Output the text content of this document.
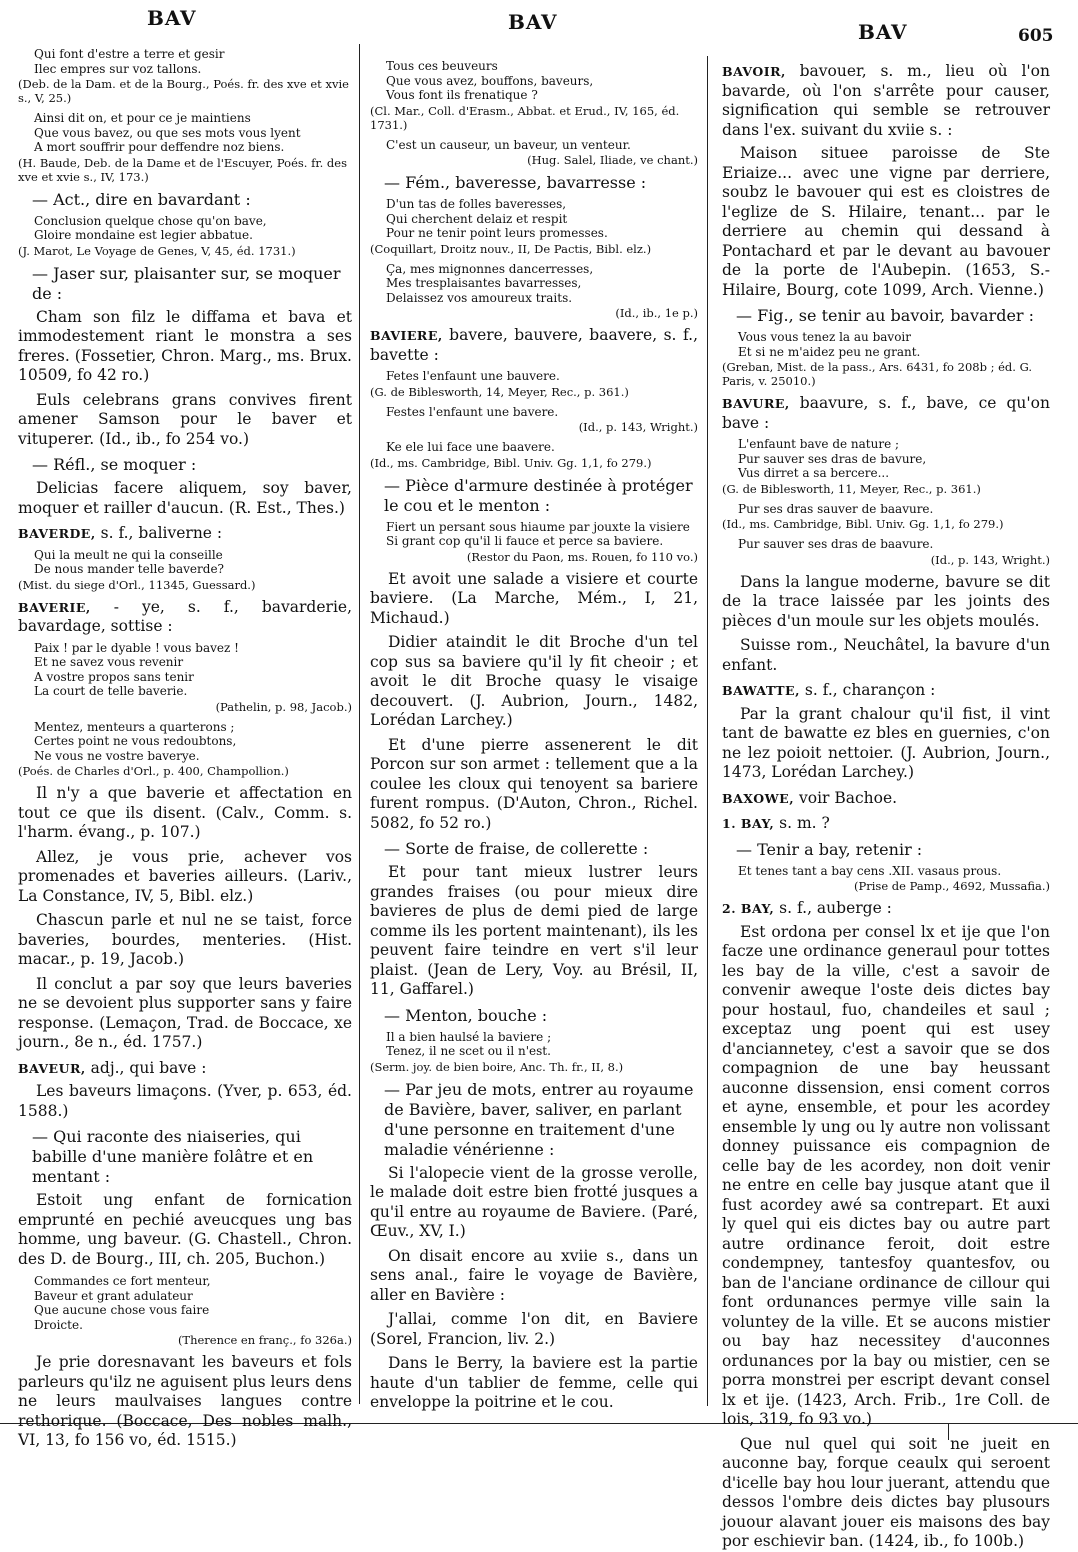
BAV	BAV	BAV	605
Qui font d'estre a terre et gesir
Ilec empres sur voz tallons.
(Deb. de la Dam. et de la Bourg., Poés. fr. des xve et xvie s., V, 25.)
Ainsi dit on, et pour ce je maintiens
Que vous bavez, ou que ses mots vous lyent
A mort souffrir pour deffendre noz biens.
(H. Baude, Deb. de la Dame et de l'Escuyer, Poés. fr. des xve et xvie s., IV, 173.)
— Act., dire en bavardant :
Conclusion quelque chose qu'on bave,
Gloire mondaine est legier abbatue.
(J. Marot, Le Voyage de Genes, V, 45, éd. 1731.)
— Jaser sur, plaisanter sur, se moquer de :
Cham son filz le diffama et bava et immodestement riant le monstra a ses freres. (Fossetier, Chron. Marg., ms. Brux. 10509, fo 42 ro.)
Euls celebrans grans convives firent amener Samson pour le baver et vituperer. (Id., ib., fo 254 vo.)
— Réfl., se moquer :
Delicias facere aliquem, soy baver, moquer et railler d'aucun. (R. Est., Thes.)
BAVERDE, s. f., baliverne :
Qui la meult ne qui la conseille
De nous mander telle baverde?
(Mist. du siege d'Orl., 11345, Guessard.)
BAVERIE, - ye, s. f., bavarderie, bavardage, sottise :
Paix ! par le dyable ! vous bavez !
Et ne savez vous revenir
A vostre propos sans tenir
La court de telle baverie.
(Pathelin, p. 98, Jacob.)
Mentez, menteurs a quarterons ;
Certes point ne vous redoubtons,
Ne vous ne vostre baverye.
(Poés. de Charles d'Orl., p. 400, Champollion.)
Il n'y a que baverie et affectation en tout ce que ils disent. (Calv., Comm. s. l'harm. évang., p. 107.)
Allez, je vous prie, achever vos promenades et baveries ailleurs. (Lariv., La Constance, IV, 5, Bibl. elz.)
Chascun parle et nul ne se taist, force baveries, bourdes, menteries. (Hist. macar., p. 19, Jacob.)
Il conclut a par soy que leurs baveries ne se devoient plus supporter sans y faire response. (Lemaçon, Trad. de Boccace, xe journ., 8e n., éd. 1757.)
BAVEUR, adj., qui bave :
Les baveurs limaçons. (Yver, p. 653, éd. 1588.)
— Qui raconte des niaiseries, qui babille d'une manière folâtre et en mentant :
Estoit ung enfant de fornication emprunté en pechié aveucques ung bas homme, ung baveur. (G. Chastell., Chron. des D. de Bourg., III, ch. 205, Buchon.)
Commandes ce fort menteur,
Baveur et grant adulateur
Que aucune chose vous faire
Droicte.
(Therence en franç., fo 326a.)
Je prie doresnavant les baveurs et fols parleurs qu'ilz ne aguisent plus leurs dens ne leurs maulvaises langues contre rethorique. (Boccace, Des nobles malh., VI, 13, fo 156 vo, éd. 1515.)
Tous ces beuveurs
Que vous avez, bouffons, baveurs,
Vous font ils frenatique ?
(Cl. Mar., Coll. d'Erasm., Abbat. et Erud., IV, 165, éd. 1731.)
C'est un causeur, un baveur, un venteur.
(Hug. Salel, Iliade, ve chant.)
— Fém., baveresse, bavarresse :
D'un tas de folles baveresses,
Qui cherchent delaiz et respit
Pour ne tenir point leurs promesses.
(Coquillart, Droitz nouv., II, De Pactis, Bibl. elz.)
Ça, mes mignonnes dancerresses,
Mes tresplaisantes bavarresses,
Delaissez vos amoureux traits.
(Id., ib., 1e p.)
BAVIERE, bavere, bauvere, baavere, s. f., bavette :
Fetes l'enfaunt une bauvere.
(G. de Biblesworth, 14, Meyer, Rec., p. 361.)
Festes l'enfaunt une bavere.
(Id., p. 143, Wright.)
Ke ele lui face une baavere.
(Id., ms. Cambridge, Bibl. Univ. Gg. 1,1, fo 279.)
— Pièce d'armure destinée à protéger le cou et le menton :
Fiert un persant sous hiaume par jouxte la visiere
Si grant cop qu'il li fauce et perce sa baviere.
(Restor du Paon, ms. Rouen, fo 110 vo.)
Et avoit une salade a visiere et courte baviere. (La Marche, Mém., I, 21, Michaud.)
Didier ataindit le dit Broche d'un tel cop sus sa baviere qu'il ly fit cheoir ; et avoit le dit Broche quasy le visaige decouvert. (J. Aubrion, Journ., 1482, Lorédan Larchey.)
Et d'une pierre assenerent le dit Porcon sur son armet : tellement que a la coulee les cloux qui tenoyent sa bariere furent rompus. (D'Auton, Chron., Richel. 5082, fo 52 ro.)
— Sorte de fraise, de collerette :
Et pour tant mieux lustrer leurs grandes fraises (ou pour mieux dire bavieres de plus de demi pied de large comme ils les portent maintenant), ils les peuvent faire teindre en vert s'il leur plaist. (Jean de Lery, Voy. au Brésil, II, 11, Gaffarel.)
— Menton, bouche :
Il a bien haulsé la baviere ;
Tenez, il ne scet ou il n'est.
(Serm. joy. de bien boire, Anc. Th. fr., II, 8.)
— Par jeu de mots, entrer au royaume de Bavière, baver, saliver, en parlant d'une personne en traitement d'une maladie vénérienne :
Si l'alopecie vient de la grosse verolle, le malade doit estre bien frotté jusques a qu'il entre au royaume de Baviere. (Paré, Œuv., XV, I.)
On disait encore au xviie s., dans un sens anal., faire le voyage de Bavière, aller en Bavière :
J'allai, comme l'on dit, en Baviere (Sorel, Francion, liv. 2.)
Dans le Berry, la baviere est la partie haute d'un tablier de femme, celle qui enveloppe la poitrine et le cou.
BAVOIR, bavouer, s. m., lieu où l'on bavarde, où l'on s'arrête pour causer, signification qui semble se retrouver dans l'ex. suivant du xviie s. :
Maison situee paroisse de Ste Eriaize... avec une vigne par derriere, soubz le bavouer qui est es cloistres de l'eglize de S. Hilaire, tenant... par le derriere au chemin qui dessand à Pontachard et par le devant au bavouer de la porte de l'Aubepin. (1653, S.-Hilaire, Bourg, cote 1099, Arch. Vienne.)
— Fig., se tenir au bavoir, bavarder :
Vous vous tenez la au bavoir
Et si ne m'aidez peu ne grant.
(Greban, Mist. de la pass., Ars. 6431, fo 208b ; éd. G. Paris, v. 25010.)
BAVURE, baavure, s. f., bave, ce qu'on bave :
L'enfaunt bave de nature ;
Pur sauver ses dras de bavure,
Vus dirret a sa bercere...
(G. de Biblesworth, 11, Meyer, Rec., p. 361.)
Pur ses dras sauver de baavure.
(Id., ms. Cambridge, Bibl. Univ. Gg. 1,1, fo 279.)
Pur sauver ses dras de baavure.
(Id., p. 143, Wright.)
Dans la langue moderne, bavure se dit de la trace laissée par les joints des pièces d'un moule sur les objets moulés.
Suisse rom., Neuchâtel, la bavure d'un enfant.
BAWATTE, s. f., charançon :
Par la grant chalour qu'il fist, il vint tant de bawatte ez bles en guernies, c'on ne lez poioit nettoier. (J. Aubrion, Journ., 1473, Lorédan Larchey.)
BAXOWE, voir Bachoe.
1. BAY, s. m. ?
— Tenir a bay, retenir :
Et tenes tant a bay cens .XII. vasaus prous.
(Prise de Pamp., 4692, Mussafia.)
2. BAY, s. f., auberge :
Est ordona per consel lx et ije que l'on facze une ordinance generaul pour tottes les bay de la ville, c'est a savoir de convenir aweque l'oste deis dictes bay pour hostaul, fuo, chandeiles et saul ; exceptaz ung poent qui est usey d'anciannetey, c'est a savoir que se dos compagnion de une bay heussant auconne dissension, ensi coment corros et ayne, ensemble, et pour les acordey ensemble ly ung ou ly autre non volissant donney puissance eis compagnion de celle bay de les acordey, non doit venir ne entre en celle bay jusque atant que il fust acordey awé sa contrepart. Et auxi ly quel qui eis dictes bay ou autre part autre ordinance feroit, doit estre condempney, tantesfoy quantesfov, ou ban de l'anciane ordinance de cillour qui font ordunances permye ville sain la voluntey de la ville. Et se aucons mistier ou bay haz necessitey d'auconnes ordunances por la bay ou mistier, cen se porra monstrei per escript devant consel lx et ije. (1423, Arch. Frib., 1re Coll. de lois, 319, fo 93 vo.)
Que nul quel qui soit ne jueit en auconne bay, forque ceaulx qui seroent d'icelle bay hou lour juerant, attendu que dessos l'ombre deis dictes bay plusours jouour alavant jouer eis maisons des bay por eschievir ban. (1424, ib., fo 100b.)
